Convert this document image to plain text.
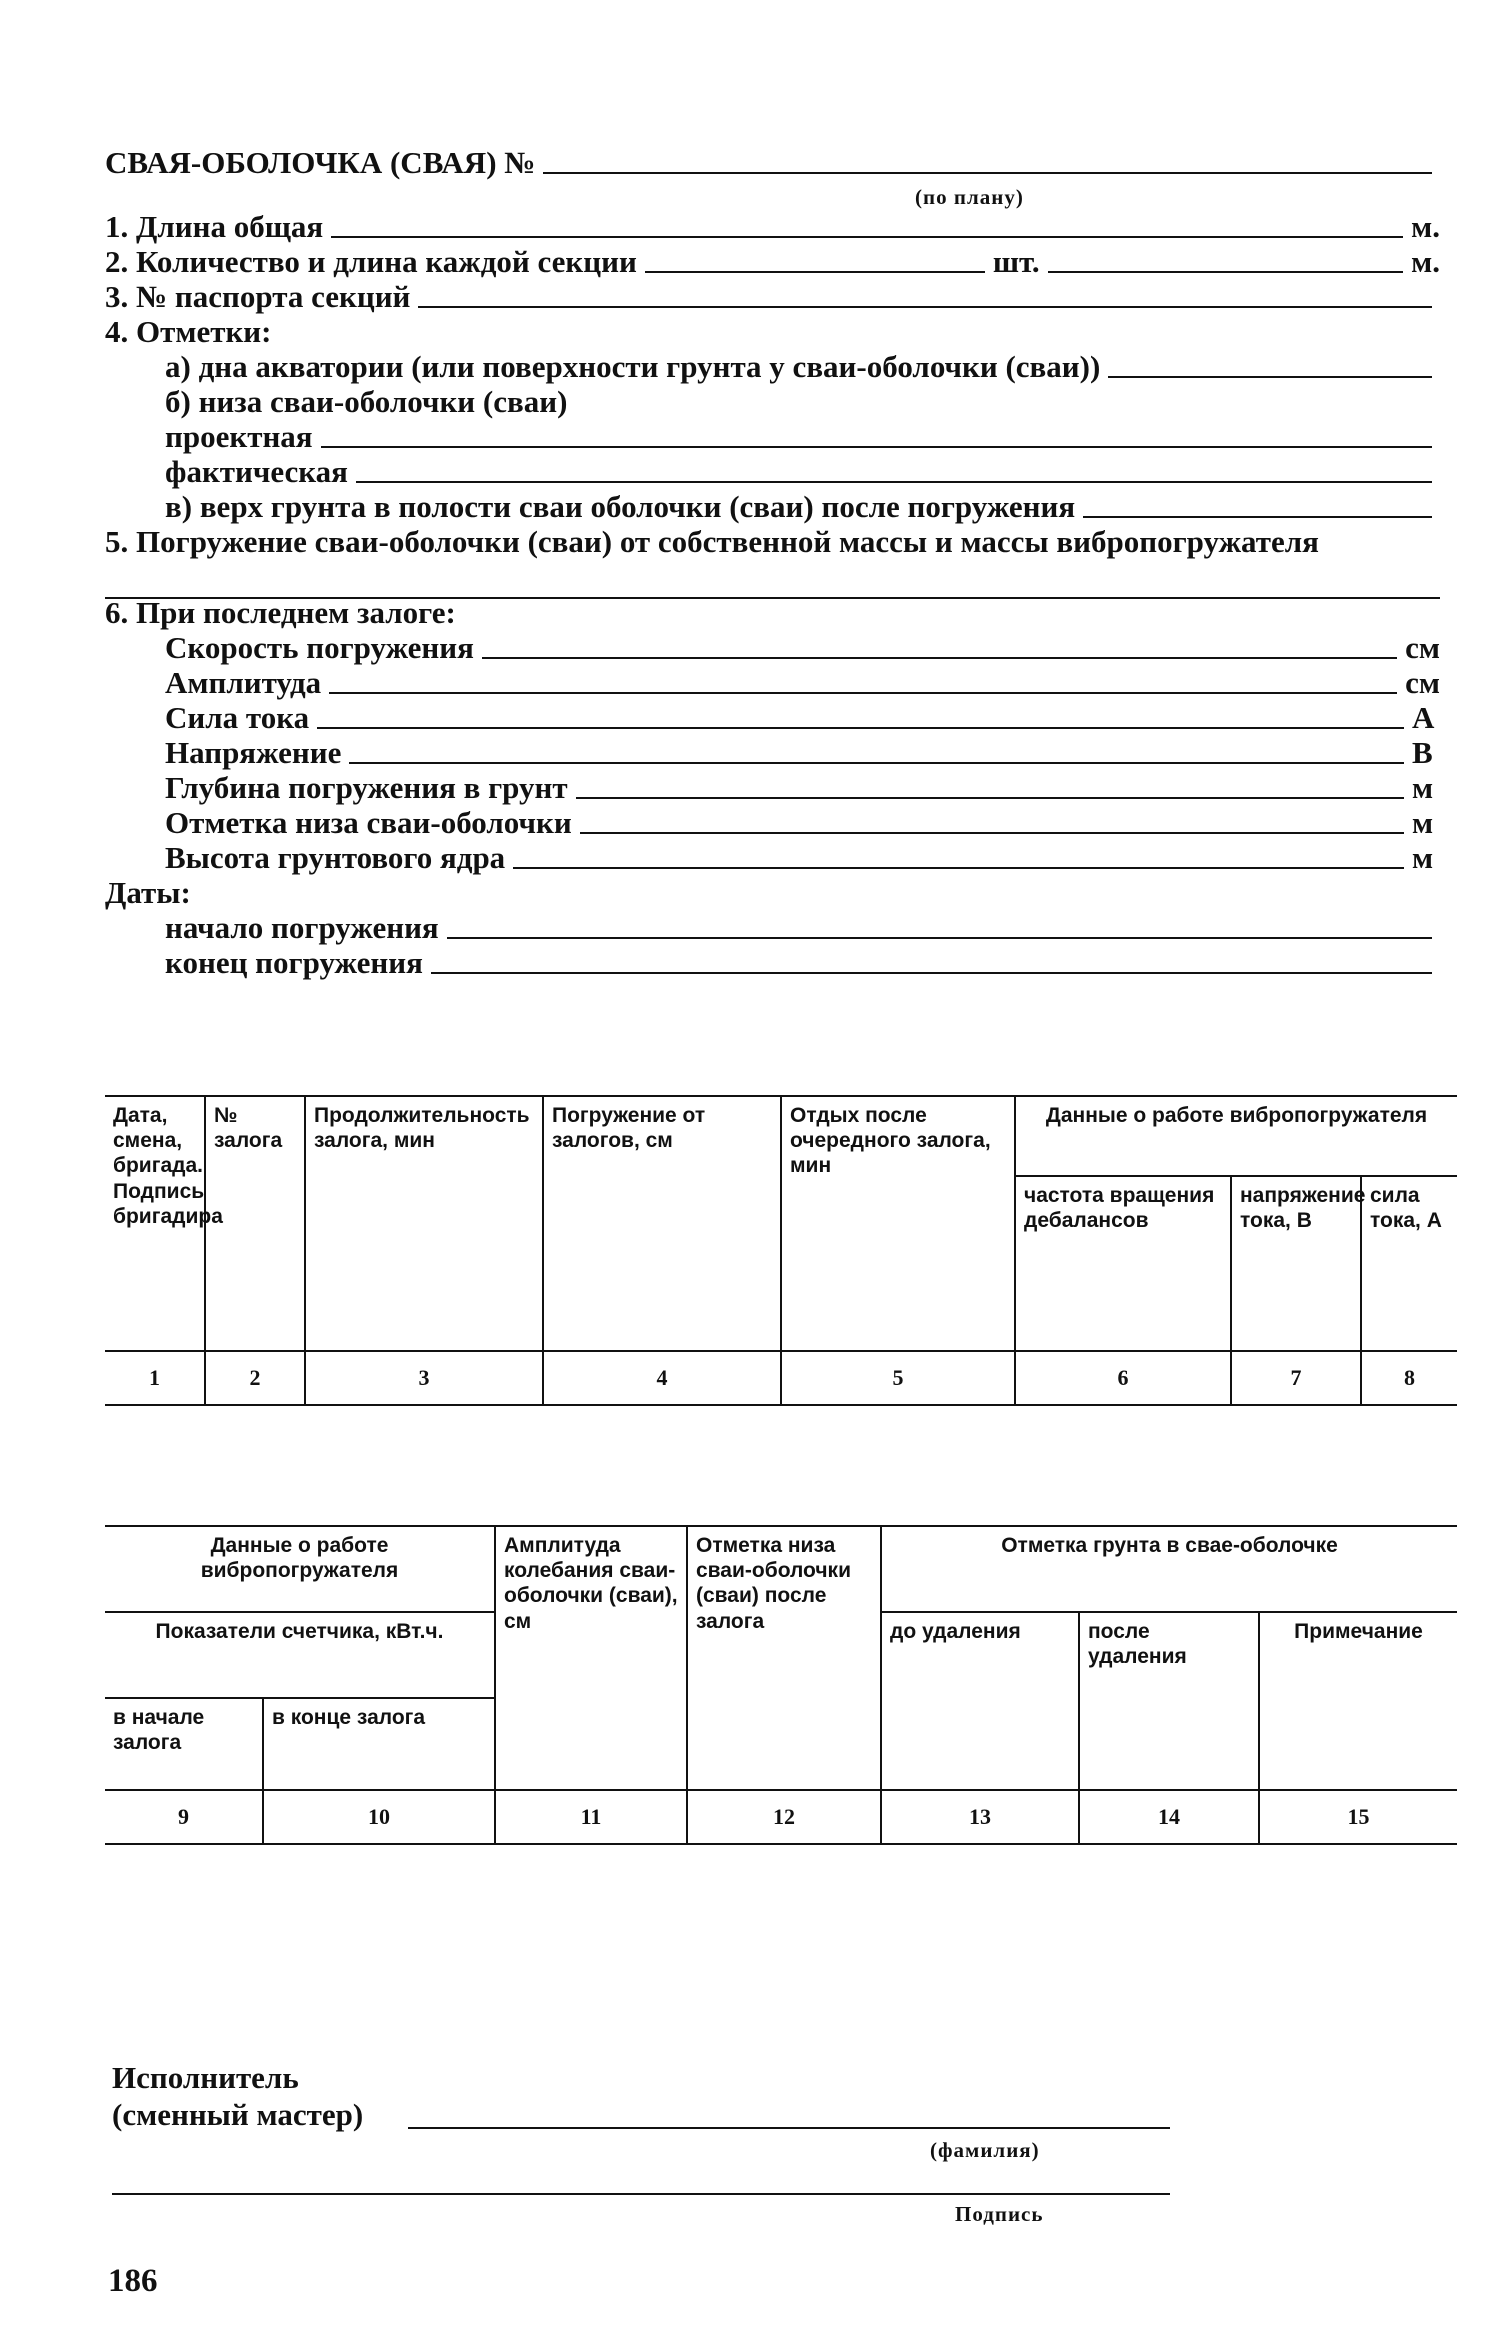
СВАЯ-ОБОЛОЧКА (СВАЯ) №
(по плану)
1. Длина общая	м.
2. Количество и длина каждой секции	шт.	м.
3. № паспорта секций
4. Отметки:
а) дна акватории (или поверхности грунта у сваи-оболочки (сваи))
б) низа сваи-оболочки (сваи)
проектная
фактическая
в) верх грунта в полости сваи оболочки (сваи) после погружения
5. Погружение сваи-оболочки (сваи) от собственной массы и массы вибропогружателя
6. При последнем залоге:
Скорость погружения	см
Амплитуда	см
Сила тока	А
Напряжение	В
Глубина погружения в грунт	м
Отметка низа сваи-оболочки	м
Высота грунтового ядра	м
Даты:
начало погружения
конец погружения
Дата, смена, бригада. Подпись бригадира	№ залога	Продолжительность залога, мин	Погружение от залогов, см	Отдых после очередного залога, мин	Данные о работе вибропогружателя		
					частота вращения дебалансов	напряжение тока, В	сила тока, А
1	2	3	4	5	6	7	8
Данные о работе вибропогружателя		Амплитуда колебания сваи-оболочки (сваи), см	Отметка низа сваи-оболочки (сваи) после залога	Отметка грунта в свае-оболочке		
Показатели счетчика, кВт.ч.				до удаления	после удаления	Примечание
в начале залога	в конце залога					
9	10	11	12	13	14	15
Исполнитель
(сменный мастер)
(фамилия)
Подпись
186
